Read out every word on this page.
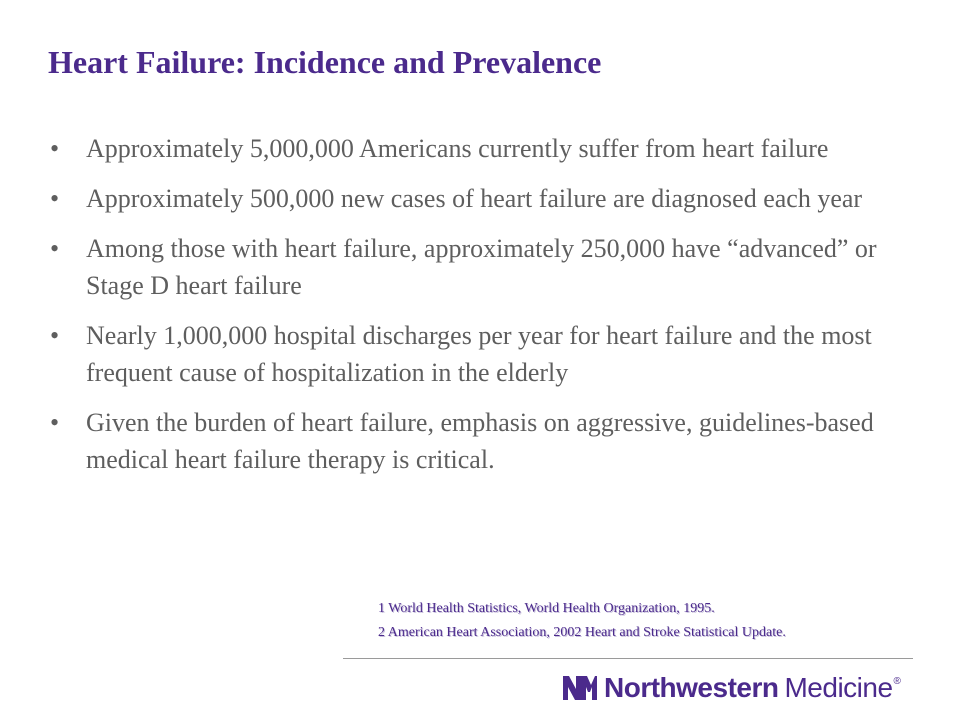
Heart Failure: Incidence and Prevalence
• Approximately 5,000,000 Americans currently suffer from heart failure
• Approximately 500,000 new cases of heart failure are diagnosed each year
• Among those with heart failure, approximately 250,000 have “advanced” or Stage D heart failure
• Nearly 1,000,000 hospital discharges per year for heart failure and the most frequent cause of hospitalization in the elderly
• Given the burden of heart failure, emphasis on aggressive, guidelines-based medical heart failure therapy is critical.
1 World Health Statistics, World Health Organization, 1995.
2 American Heart Association, 2002 Heart and Stroke Statistical Update.
Northwestern Medicine ®
